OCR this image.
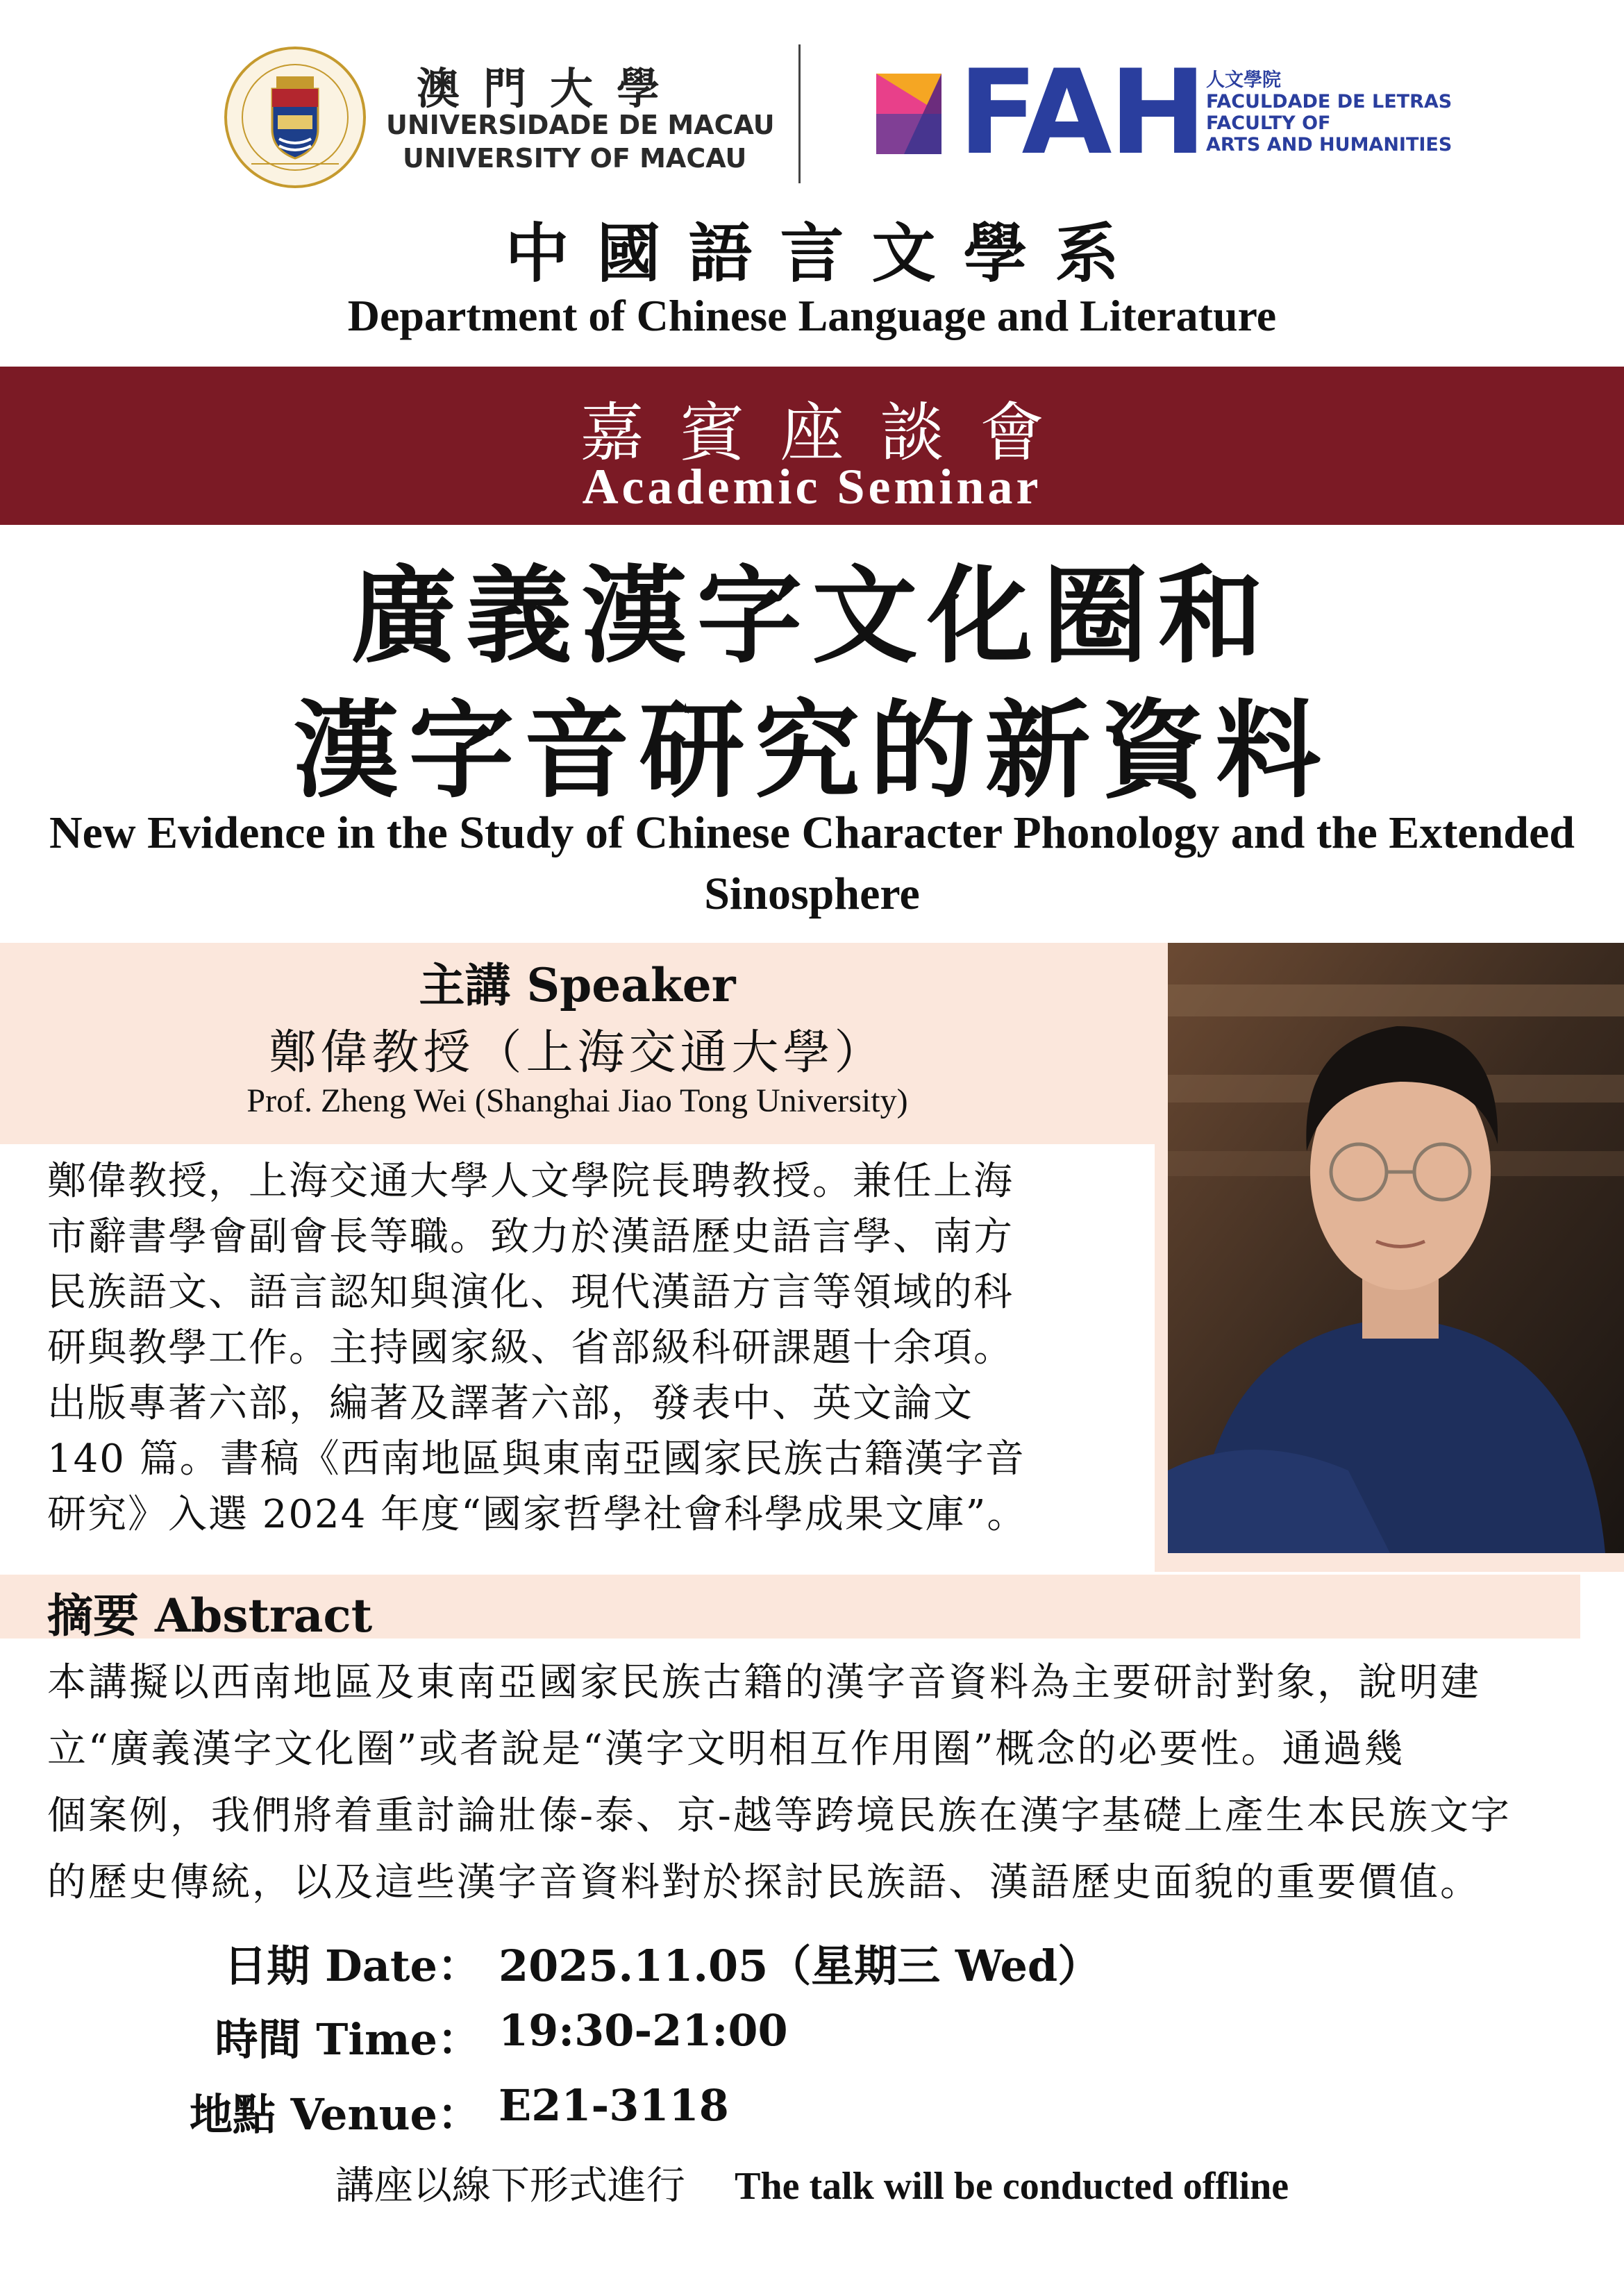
澳門大學
UNIVERSIDADE DE MACAU
UNIVERSITY OF MACAU FAH 人文學院
FACULDADE DE LETRAS
FACULTY OF
ARTS AND HUMANITIES
中國語言文學系
Department of Chinese Language and Literature
嘉賓座談會
Academic Seminar
廣義漢字文化圈和
漢字音研究的新資料
New Evidence in the Study of Chinese Character Phonology and the Extended Sinosphere
主講 Speaker
鄭偉教授（上海交通大學）
Prof. Zheng Wei (Shanghai Jiao Tong University)
鄭偉教授，上海交通大學人文學院長聘教授。兼任上海
市辭書學會副會長等職。致力於漢語歷史語言學、南方
民族語文、語言認知與演化、現代漢語方言等領域的科
研與教學工作。主持國家級、省部級科研課題十余項。
出版專著六部，編著及譯著六部，發表中、英文論文
140 篇。書稿《西南地區與東南亞國家民族古籍漢字音
研究》入選 2024 年度“國家哲學社會科學成果文庫”。
摘要 Abstract
本講擬以西南地區及東南亞國家民族古籍的漢字音資料為主要研討對象，說明建
立“廣義漢字文化圈”或者說是“漢字文明相互作用圈”概念的必要性。通過幾
個案例，我們將着重討論壯傣-泰、京-越等跨境民族在漢字基礎上產生本民族文字
的歷史傳統，以及這些漢字音資料對於探討民族語、漢語歷史面貌的重要價值。
日期 Date： 2025.11.05（星期三 Wed）
時間 Time： 19:30-21:00
地點 Venue： E21-3118
講座以線下形式進行 The talk will be conducted offline
